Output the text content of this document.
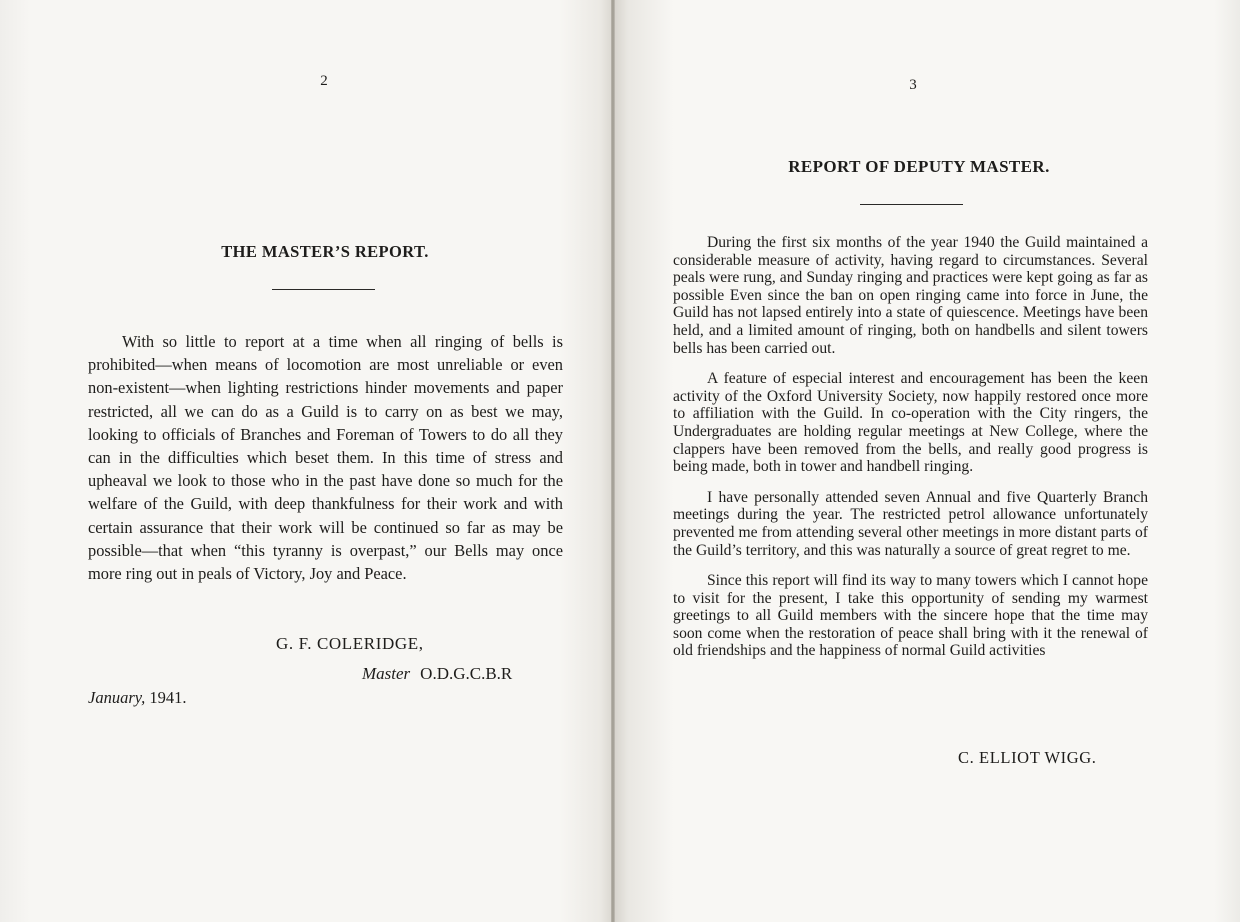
2
THE MASTER’S REPORT.

With so little to report at a time when all ringing of bells is prohibited—when means of locomotion are most unreliable or even non-existent—when lighting restrictions hinder movements and paper restricted, all we can do as a Guild is to carry on as best we may, looking to officials of Branches and Foreman of Towers to do all they can in the difficulties which beset them. In this time of stress and upheaval we look to those who in the past have done so much for the welfare of the Guild, with deep thankfulness for their work and with certain assurance that their work will be continued so far as may be possible—that when “this tyranny is overpast,” our Bells may once more ring out in peals of Victory, Joy and Peace.

G. F. COLERIDGE,
Master O.D.G.C.B.R
January, 1941.
3
REPORT OF DEPUTY MASTER.

During the first six months of the year 1940 the Guild maintained a considerable measure of activity, having regard to circumstances. Several peals were rung, and Sunday ringing and practices were kept going as far as possible Even since the ban on open ringing came into force in June, the Guild has not lapsed entirely into a state of quiescence. Meetings have been held, and a limited amount of ringing, both on handbells and silent towers bells has been carried out.

A feature of especial interest and encouragement has been the keen activity of the Oxford University Society, now happily restored once more to affiliation with the Guild. In co-operation with the City ringers, the Undergraduates are holding regular meetings at New College, where the clappers have been removed from the bells, and really good progress is being made, both in tower and handbell ringing.

I have personally attended seven Annual and five Quarterly Branch meetings during the year. The restricted petrol allowance unfortunately prevented me from attending several other meetings in more distant parts of the Guild’s territory, and this was naturally a source of great regret to me.

Since this report will find its way to many towers which I cannot hope to visit for the present, I take this opportunity of sending my warmest greetings to all Guild members with the sincere hope that the time may soon come when the restoration of peace shall bring with it the renewal of old friendships and the happiness of normal Guild activities

C. ELLIOT WIGG.
